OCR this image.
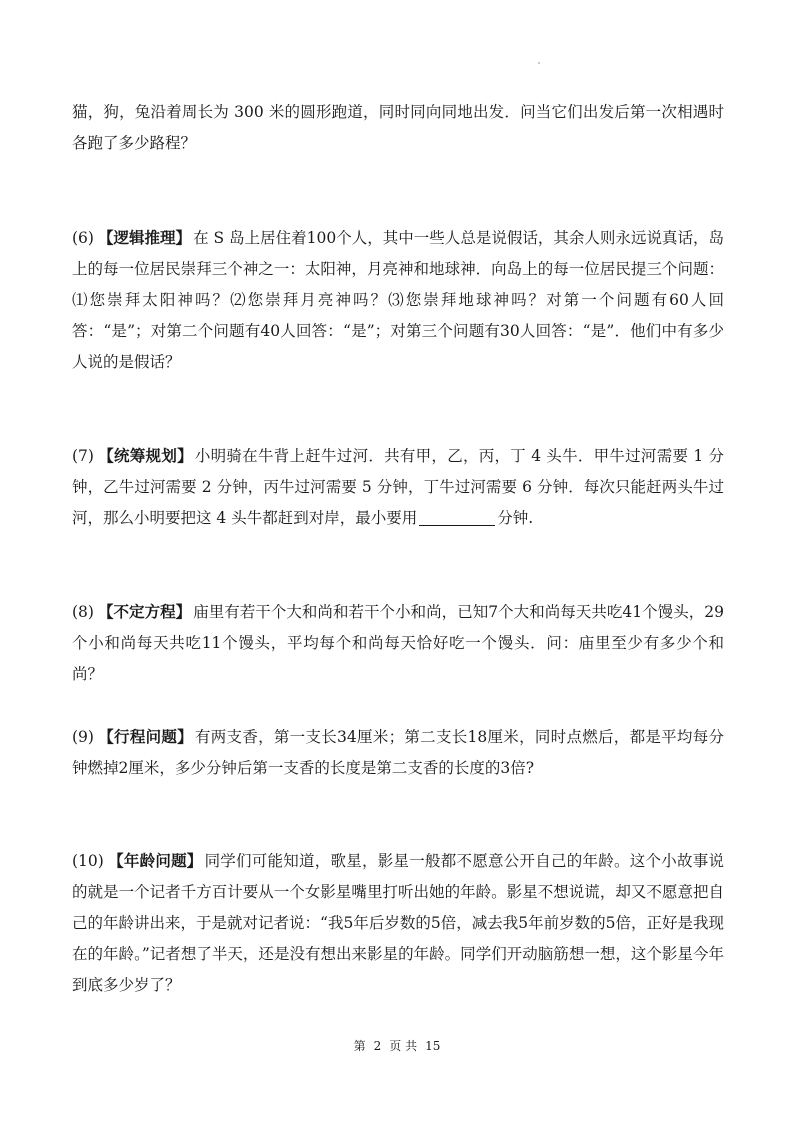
猫，狗，兔沿着周长为 300 米的圆形跑道，同时同向同地出发．问当它们出发后第一次相遇时各跑了多少路程？

(6) 【逻辑推理】 在 S 岛上居住着100个人，其中一些人总是说假话，其余人则永远说真话，岛上的每一位居民崇拜三个神之一：太阳神，月亮神和地球神．向岛上的每一位居民提三个问题：⑴您崇拜太阳神吗？⑵您崇拜月亮神吗？⑶您崇拜地球神吗？对第一个问题有60人回答：“是”；对第二个问题有40人回答：“是”；对第三个问题有30人回答：“是”．他们中有多少人说的是假话？

(7) 【统筹规划】 小明骑在牛背上赶牛过河．共有甲，乙，丙，丁 4 头牛．甲牛过河需要 1 分钟，乙牛过河需要 2 分钟，丙牛过河需要 5 分钟，丁牛过河需要 6 分钟．每次只能赶两头牛过河，那么小明要把这 4 头牛都赶到对岸，最小要用	分钟.

(8) 【不定方程】 庙里有若干个大和尚和若干个小和尚，已知7个大和尚每天共吃41个馒头，29个小和尚每天共吃11个馒头，平均每个和尚每天恰好吃一个馒头．问：庙里至少有多少个和尚？

(9) 【行程问题】 有两支香，第一支长34厘米；第二支长18厘米，同时点燃后，都是平均每分钟燃掉2厘米，多少分钟后第一支香的长度是第二支香的长度的3倍?

(10) 【年龄问题】 同学们可能知道，歌星，影星一般都不愿意公开自己的年龄。这个小故事说的就是一个记者千方百计要从一个女影星嘴里打听出她的年龄。影星不想说谎，却又不愿意把自己的年龄讲出来，于是就对记者说：“我5年后岁数的5倍，减去我5年前岁数的5倍，正好是我现在的年龄。”记者想了半天，还是没有想出来影星的年龄。同学们开动脑筋想一想，这个影星今年到底多少岁了？

第 2 页 共 15
